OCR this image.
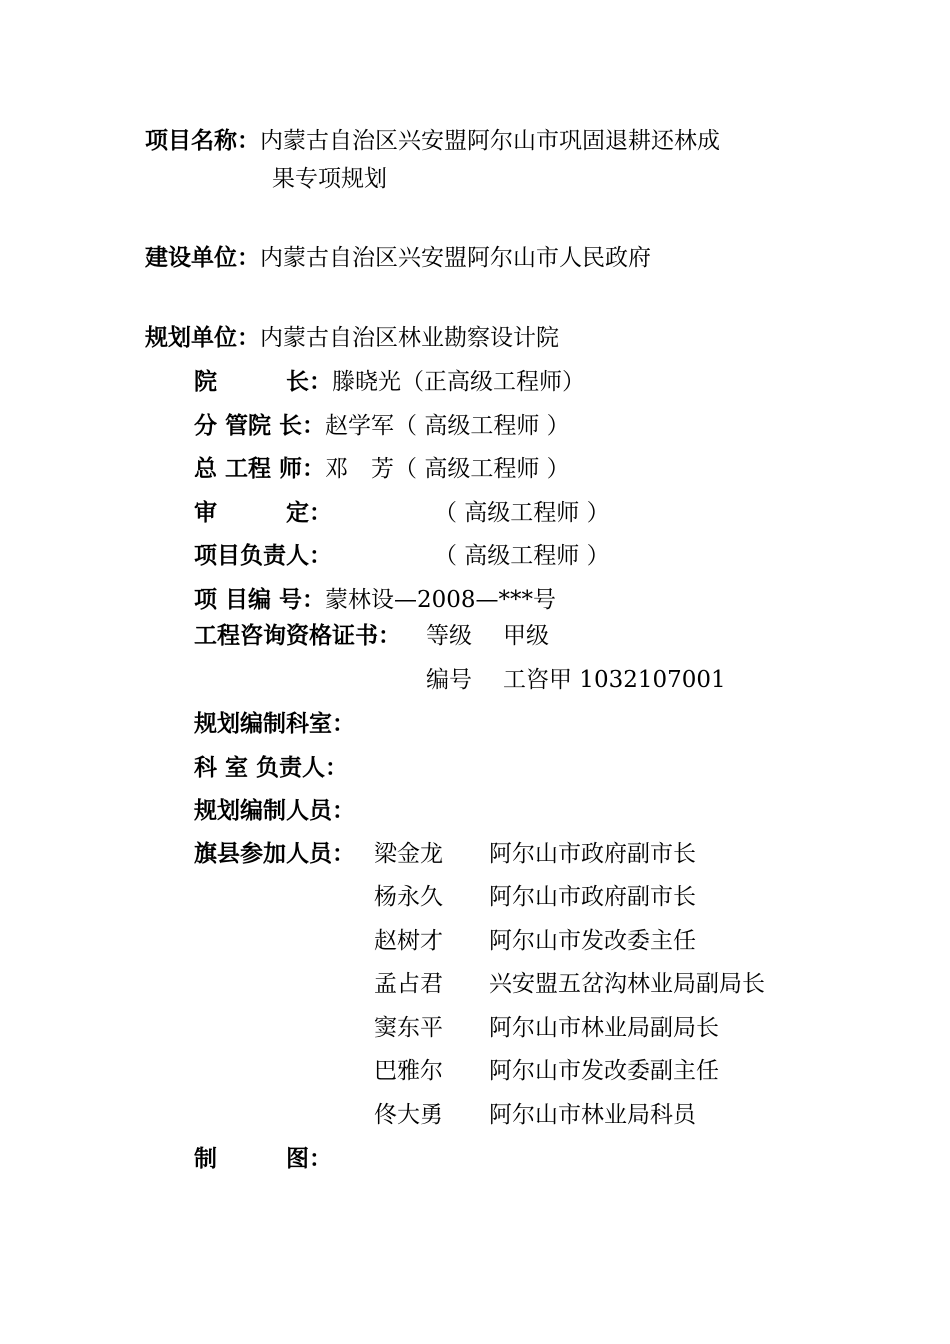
项目名称：内蒙古自治区兴安盟阿尔山市巩固退耕还林成
果专项规划
建设单位：内蒙古自治区兴安盟阿尔山市人民政府
规划单位：内蒙古自治区林业勘察设计院
院　　　长：滕晓光（正高级工程师）
分 管院 长：赵学军（ 高级工程师 ）
总 工程 师：邓　芳（ 高级工程师 ）
审　　　定：	（ 高级工程师 ）
项目负责人：	（ 高级工程师 ）
项 目编 号：蒙林设—2008—***号
工程咨询资格证书： 等级 甲级
编号 工咨甲 1032107001
规划编制科室：
科 室 负责人：
规划编制人员：
旗县参加人员： 梁金龙 阿尔山市政府副市长
杨永久 阿尔山市政府副市长
赵树才 阿尔山市发改委主任
孟占君 兴安盟五岔沟林业局副局长
窦东平 阿尔山市林业局副局长
巴雅尔 阿尔山市发改委副主任
佟大勇 阿尔山市林业局科员
制　　　图：
